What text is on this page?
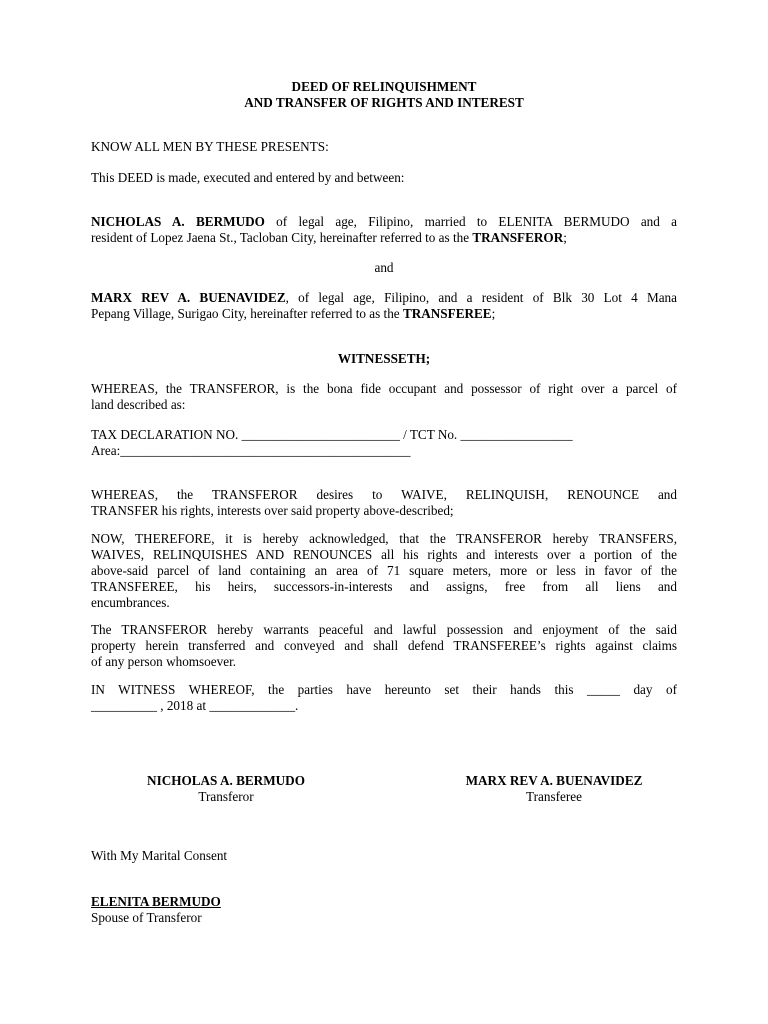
DEED OF RELINQUISHMENT
AND TRANSFER OF RIGHTS AND INTEREST

KNOW ALL MEN BY THESE PRESENTS:

This DEED is made, executed and entered by and between:

NICHOLAS A. BERMUDO of legal age, Filipino, married to ELENITA BERMUDO and a
resident of Lopez Jaena St., Tacloban City, hereinafter referred to as the TRANSFEROR;

and

MARX REV A. BUENAVIDEZ, of legal age, Filipino, and a resident of Blk 30 Lot 4 Mana
Pepang Village, Surigao City, hereinafter referred to as the TRANSFEREE;

WITNESSETH;

WHEREAS, the TRANSFEROR, is the bona fide occupant and possessor of right over a parcel of
land described as:

TAX DECLARATION NO. ________________________ / TCT No. _________________

Area:____________________________________________

WHEREAS, the TRANSFEROR desires to WAIVE, RELINQUISH, RENOUNCE and
TRANSFER his rights, interests over said property above-described;
NOW, THEREFORE, it is hereby acknowledged, that the TRANSFEROR hereby TRANSFERS,
WAIVES, RELINQUISHES AND RENOUNCES all his rights and interests over a portion of the
above-said parcel of land containing an area of 71 square meters, more or less in favor of the
TRANSFEREE, his heirs, successors-in-interests and assigns, free from all liens and
encumbrances.
The TRANSFEROR hereby warrants peaceful and lawful possession and enjoyment of the said
property herein transferred and conveyed and shall defend TRANSFEREE’s rights against claims
of any person whomsoever.
IN WITNESS WHEREOF, the parties have hereunto set their hands this _____ day of
__________ , 2018 at _____________.
NICHOLAS A. BERMUDO
Transferor
MARX REV A. BUENAVIDEZ
Transferee

With My Marital Consent

ELENITA BERMUDO
Spouse of Transferor
